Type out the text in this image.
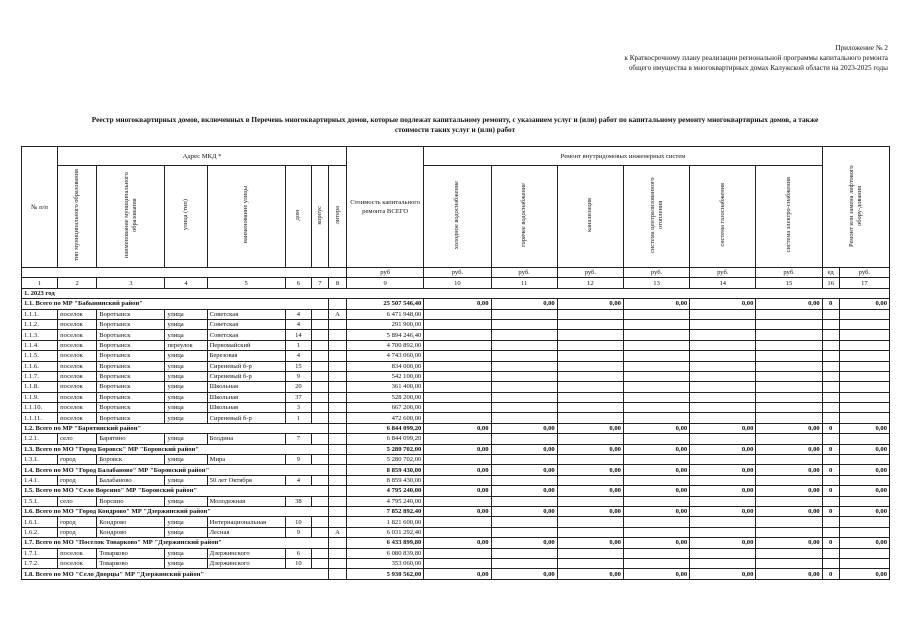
Приложение № 2
к Краткосрочному плану реализации региональной программы капитального ремонта
общего имущества в многоквартирных домах Калужской области на 2023-2025 годы
Реестр многоквартирных домов, включенных в Перечень многоквартирных домов, которые подлежат капитальному ремонту, с указанием услуг и (или) работ по капитальному ремонту многоквартирных домов, а также
стоимости таких услуг и (или) работ
№ п/п	Адрес МКД *							Стоимость капитального ремонта ВСЕГО	Ремонт внутридомовых инженерных систем						Ремонт или замена лифтового обору-дования	
	тип муниципального образования	наименование муниципального образования	улица (тип)	наименование улицы	дом	корпус	литера		холодное водоснабжение	горячее водоснабжение	канализация	система централизованного отопления	система газоснабжения	система электро-снабжения		
								руб	руб.	руб.	руб.	руб.	руб.	руб.	ед	руб.
1	2	3	4	5	6	7	8	9	10	11	12	13	14	15	16	17
1. 2023 год																
1.1. Всего по МР "Бабынинский район"								25 507 546,40	0,00	0,00	0,00	0,00	0,00	0,00	0	0,00
1.1.1.	поселок	Воротынск	улица	Советская	4		А	6 471 948,00								
1.1.2.	поселок	Воротынск	улица	Советская	4			291 900,00								
1.1.3.	поселок	Воротынск	улица	Советская	14			5 894 246,40								
1.1.4.	поселок	Воротынск	переулок	Первомайский	1			4 700 892,00								
1.1.5.	поселок	Воротынск	улица	Березовая	4			4 743 060,00								
1.1.6.	поселок	Воротынск	улица	Сиреневый б-р	15			834 000,00								
1.1.7.	поселок	Воротынск	улица	Сиреневый б-р	9			542 100,00								
1.1.8.	поселок	Воротынск	улица	Школьная	20			361 400,00								
1.1.9.	поселок	Воротынск	улица	Школьная	37			528 200,00								
1.1.10.	поселок	Воротынск	улица	Школьная	3			667 200,00								
1.1.11.	поселок	Воротынск	улица	Сиреневый б-р	1			472 600,00								
1.2. Всего по МР "Барятинский район"								6 844 099,20	0,00	0,00	0,00	0,00	0,00	0,00	0	0,00
1.2.1.	село	Барятино	улица	Болдина	7			6 844 099,20								
1.3. Всего по МО "Город Боровск" МР "Боровский район"								5 280 702,00	0,00	0,00	0,00	0,00	0,00	0,00	0	0,00
1.3.1.	город	Боровск	улица	Мира	9			5 280 702,00								
1.4. Всего по МО "Город Балабаново" МР "Боровский район"								8 859 430,00	0,00	0,00	0,00	0,00	0,00	0,00	0	0,00
1.4.1.	город	Балабаново	улица	50 лет Октября	4			8 859 430,00								
1.5. Всего по МО "Село Ворсино" МР "Боровский район"								4 795 240,00	0,00	0,00	0,00	0,00	0,00	0,00	0	0,00
1.5.1.	село	Ворсино	улица	Молодежная	38			4 795 240,00								
1.6. Всего по МО "Город Кондрово" МР "Дзержинский район"								7 852 892,40	0,00	0,00	0,00	0,00	0,00	0,00	0	0,00
1.6.1.	город	Кондрово	улица	Интернациональная	10			1 821 600,00								
1.6.2.	город	Кондрово	улица	Лесная	9		А	6 031 292,40								
1.7. Всего по МО "Поселок Товарково" МР "Дзержинский район"								6 433 899,80	0,00	0,00	0,00	0,00	0,00	0,00	0	0,00
1.7.1.	поселок	Товарково	улица	Дзержинского	6			6 080 839,80								
1.7.2.	поселок	Товарково	улица	Дзержинского	10			353 060,00								
1.8. Всего по МО "Село Дворцы" МР "Дзержинский район"								5 930 562,00	0,00	0,00	0,00	0,00	0,00	0,00	0	0,00
